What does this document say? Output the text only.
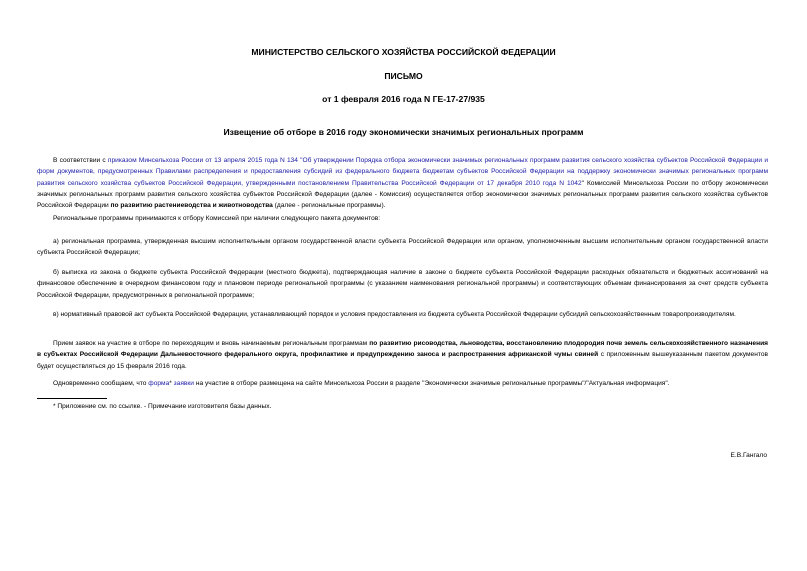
МИНИСТЕРСТВО СЕЛЬСКОГО ХОЗЯЙСТВА РОССИЙСКОЙ ФЕДЕРАЦИИ
ПИСЬМО
от 1 февраля 2016 года N ГЕ-17-27/935
Извещение об отборе в 2016 году экономически значимых региональных программ
В соответствии с приказом Минсельхоза России от 13 апреля 2015 года N 134 "Об утверждении Порядка отбора экономически значимых региональных программ развития сельского хозяйства субъектов Российской Федерации и форм документов, предусмотренных Правилами распределения и предоставления субсидий из федерального бюджета бюджетам субъектов Российской Федерации на поддержку экономически значимых региональных программ развития сельского хозяйства субъектов Российской Федерации, утвержденными постановлением Правительства Российской Федерации от 17 декабря 2010 года N 1042" Комиссией Минсельхоза России по отбору экономически значимых региональных программ развития сельского хозяйства субъектов Российской Федерации (далее - Комиссия) осуществляется отбор экономически значимых региональных программ развития сельского хозяйства субъектов Российской Федерации по развитию растениеводства и животноводства (далее - региональные программы).
Региональные программы принимаются к отбору Комиссией при наличии следующего пакета документов:
а) региональная программа, утвержденная высшим исполнительным органом государственной власти субъекта Российской Федерации или органом, уполномоченным высшим исполнительным органом государственной власти субъекта Российской Федерации;
б) выписка из закона о бюджете субъекта Российской Федерации (местного бюджета), подтверждающая наличие в законе о бюджете субъекта Российской Федерации расходных обязательств и бюджетных ассигнований на финансовое обеспечение в очередном финансовом году и плановом периоде региональной программы (с указанием наименования региональной программы) и соответствующих объемам финансирования за счет средств субъекта Российской Федерации, предусмотренных в региональной программе;
в) нормативный правовой акт субъекта Российской Федерации, устанавливающий порядок и условия предоставления из бюджета субъекта Российской Федерации субсидий сельскохозяйственным товаропроизводителям.
Прием заявок на участие в отборе по переходящим и вновь начинаемым региональным программам по развитию рисоводства, льноводства, восстановлению плодородия почв земель сельскохозяйственного назначения в субъектах Российской Федерации Дальневосточного федерального округа, профилактике и предупреждению заноса и распространения африканской чумы свиней с приложенным вышеуказанным пакетом документов будет осуществляться до 15 февраля 2016 года.
Одновременно сообщаем, что форма* заявки на участие в отборе размещена на сайте Минсельхоза России в разделе "Экономически значимые региональные программы"/"Актуальная информация".
* Приложение см. по ссылке. - Примечание изготовителя базы данных.
Е.В.Гангало
